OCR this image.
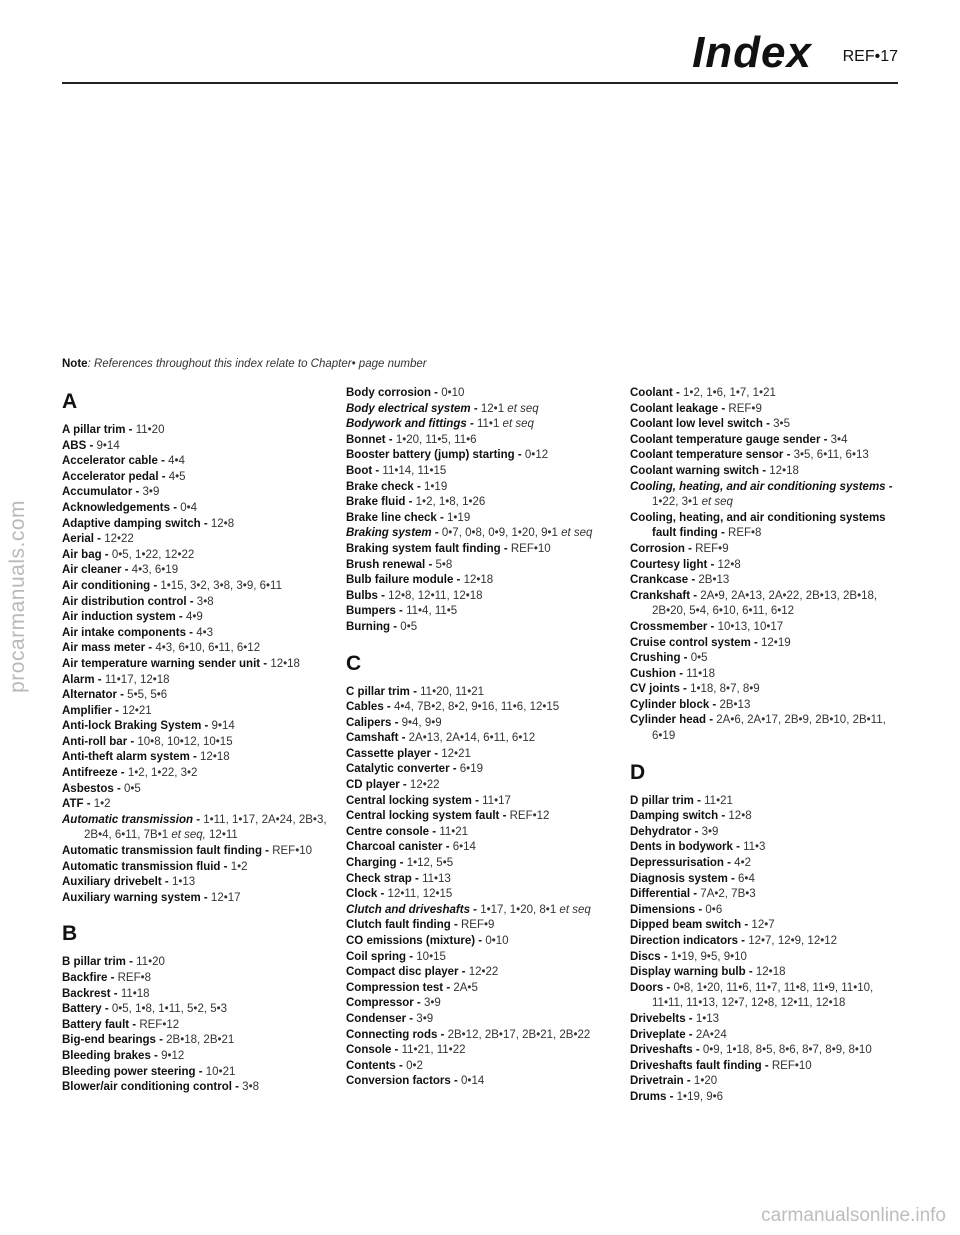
procarmanuals.com
Index REF•17
Note: References throughout this index relate to Chapter• page number
A
A pillar trim - 11•20
ABS - 9•14
Accelerator cable - 4•4
Accelerator pedal - 4•5
Accumulator - 3•9
Acknowledgements - 0•4
Adaptive damping switch - 12•8
Aerial - 12•22
Air bag - 0•5, 1•22, 12•22
Air cleaner - 4•3, 6•19
Air conditioning - 1•15, 3•2, 3•8, 3•9, 6•11
Air distribution control - 3•8
Air induction system - 4•9
Air intake components - 4•3
Air mass meter - 4•3, 6•10, 6•11, 6•12
Air temperature warning sender unit - 12•18
Alarm - 11•17, 12•18
Alternator - 5•5, 5•6
Amplifier - 12•21
Anti-lock Braking System - 9•14
Anti-roll bar - 10•8, 10•12, 10•15
Anti-theft alarm system - 12•18
Antifreeze - 1•2, 1•22, 3•2
Asbestos - 0•5
ATF - 1•2
Automatic transmission - 1•11, 1•17, 2A•24, 2B•3, 2B•4, 6•11, 7B•1 et seq, 12•11
Automatic transmission fault finding - REF•10
Automatic transmission fluid - 1•2
Auxiliary drivebelt - 1•13
Auxiliary warning system - 12•17
B
B pillar trim - 11•20
Backfire - REF•8
Backrest - 11•18
Battery - 0•5, 1•8, 1•11, 5•2, 5•3
Battery fault - REF•12
Big-end bearings - 2B•18, 2B•21
Bleeding brakes - 9•12
Bleeding power steering - 10•21
Blower/air conditioning control - 3•8
Body corrosion - 0•10
Body electrical system - 12•1 et seq
Bodywork and fittings - 11•1 et seq
Bonnet - 1•20, 11•5, 11•6
Booster battery (jump) starting - 0•12
Boot - 11•14, 11•15
Brake check - 1•19
Brake fluid - 1•2, 1•8, 1•26
Brake line check - 1•19
Braking system - 0•7, 0•8, 0•9, 1•20, 9•1 et seq
Braking system fault finding - REF•10
Brush renewal - 5•8
Bulb failure module - 12•18
Bulbs - 12•8, 12•11, 12•18
Bumpers - 11•4, 11•5
Burning - 0•5
C
C pillar trim - 11•20, 11•21
Cables - 4•4, 7B•2, 8•2, 9•16, 11•6, 12•15
Calipers - 9•4, 9•9
Camshaft - 2A•13, 2A•14, 6•11, 6•12
Cassette player - 12•21
Catalytic converter - 6•19
CD player - 12•22
Central locking system - 11•17
Central locking system fault - REF•12
Centre console - 11•21
Charcoal canister - 6•14
Charging - 1•12, 5•5
Check strap - 11•13
Clock - 12•11, 12•15
Clutch and driveshafts - 1•17, 1•20, 8•1 et seq
Clutch fault finding - REF•9
CO emissions (mixture) - 0•10
Coil spring - 10•15
Compact disc player - 12•22
Compression test - 2A•5
Compressor - 3•9
Condenser - 3•9
Connecting rods - 2B•12, 2B•17, 2B•21, 2B•22
Console - 11•21, 11•22
Contents - 0•2
Conversion factors - 0•14
Coolant - 1•2, 1•6, 1•7, 1•21
Coolant leakage - REF•9
Coolant low level switch - 3•5
Coolant temperature gauge sender - 3•4
Coolant temperature sensor - 3•5, 6•11, 6•13
Coolant warning switch - 12•18
Cooling, heating, and air conditioning systems - 1•22, 3•1 et seq
Cooling, heating, and air conditioning systems fault finding - REF•8
Corrosion - REF•9
Courtesy light - 12•8
Crankcase - 2B•13
Crankshaft - 2A•9, 2A•13, 2A•22, 2B•13, 2B•18, 2B•20, 5•4, 6•10, 6•11, 6•12
Crossmember - 10•13, 10•17
Cruise control system - 12•19
Crushing - 0•5
Cushion - 11•18
CV joints - 1•18, 8•7, 8•9
Cylinder block - 2B•13
Cylinder head - 2A•6, 2A•17, 2B•9, 2B•10, 2B•11, 6•19
D
D pillar trim - 11•21
Damping switch - 12•8
Dehydrator - 3•9
Dents in bodywork - 11•3
Depressurisation - 4•2
Diagnosis system - 6•4
Differential - 7A•2, 7B•3
Dimensions - 0•6
Dipped beam switch - 12•7
Direction indicators - 12•7, 12•9, 12•12
Discs - 1•19, 9•5, 9•10
Display warning bulb - 12•18
Doors - 0•8, 1•20, 11•6, 11•7, 11•8, 11•9, 11•10, 11•11, 11•13, 12•7, 12•8, 12•11, 12•18
Drivebelts - 1•13
Driveplate - 2A•24
Driveshafts - 0•9, 1•18, 8•5, 8•6, 8•7, 8•9, 8•10
Driveshafts fault finding - REF•10
Drivetrain - 1•20
Drums - 1•19, 9•6
carmanualsonline.info
